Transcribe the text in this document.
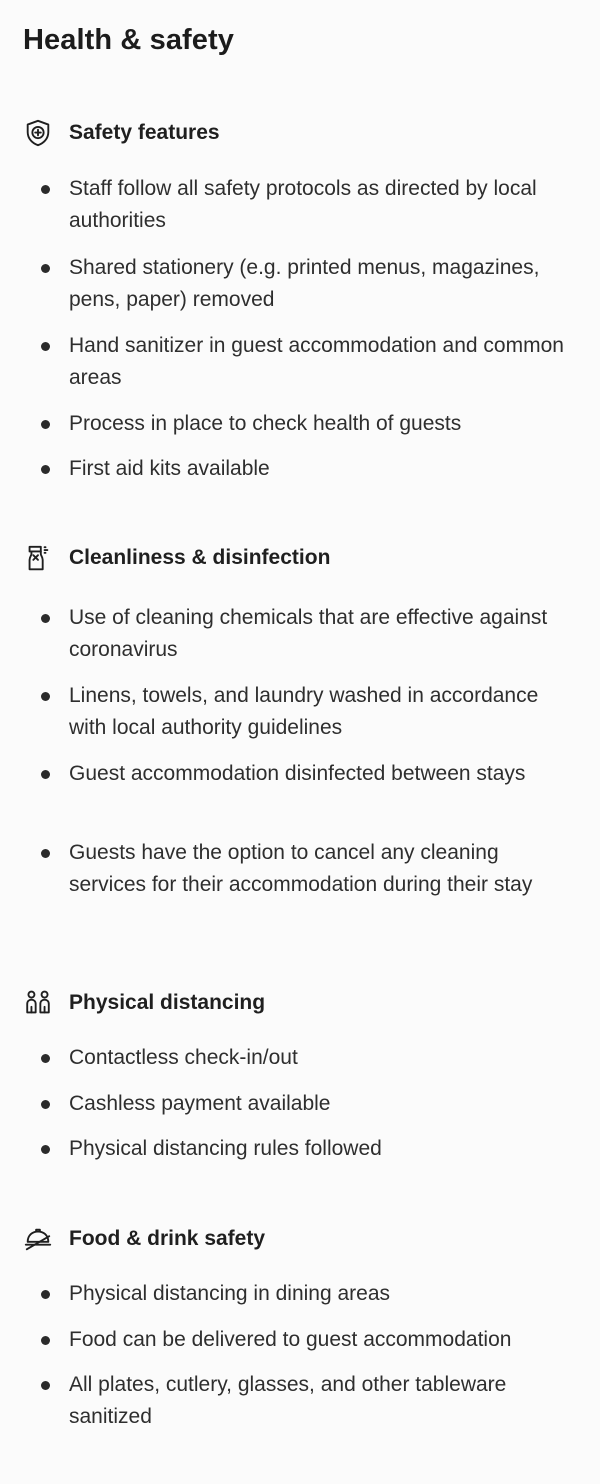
Health & safety
Safety features
Staff follow all safety protocols as directed by local authorities
Shared stationery (e.g. printed menus, magazines, pens, paper) removed
Hand sanitizer in guest accommodation and common areas
Process in place to check health of guests
First aid kits available
Cleanliness & disinfection
Use of cleaning chemicals that are effective against coronavirus
Linens, towels, and laundry washed in accordance with local authority guidelines
Guest accommodation disinfected between stays
Guests have the option to cancel any cleaning services for their accommodation during their stay
Physical distancing
Contactless check-in/out
Cashless payment available
Physical distancing rules followed
Food & drink safety
Physical distancing in dining areas
Food can be delivered to guest accommodation
All plates, cutlery, glasses, and other tableware sanitized
